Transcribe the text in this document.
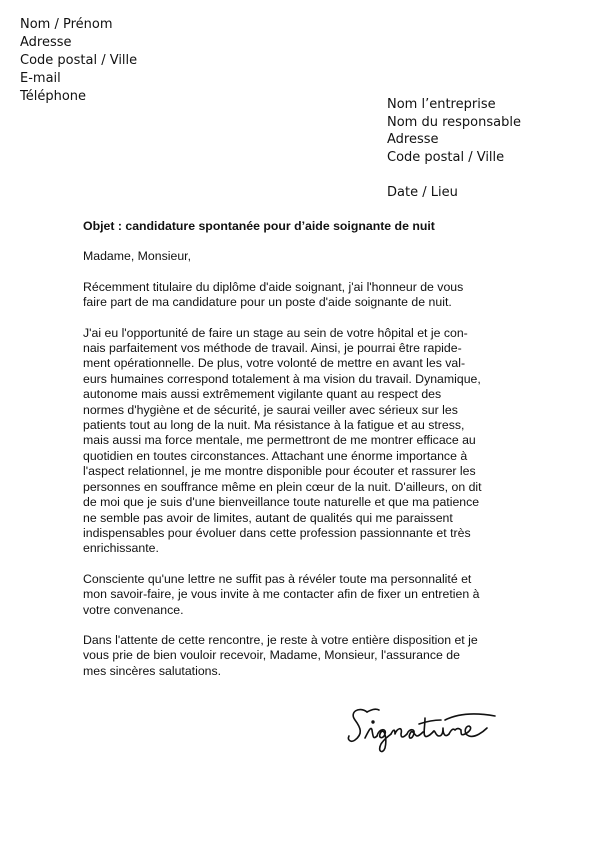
Nom / Prénom
Adresse
Code postal / Ville
E-mail
Téléphone
Nom l’entreprise
Nom du responsable
Adresse
Code postal / Ville
Date / Lieu
Objet : candidature spontanée pour d’aide soignante de nuit
Madame, Monsieur,
Récemment titulaire du diplôme d'aide soignant, j'ai l'honneur de vous
faire part de ma candidature pour un poste d'aide soignante de nuit.
J'ai eu l'opportunité de faire un stage au sein de votre hôpital et je con-
nais parfaitement vos méthode de travail. Ainsi, je pourrai être rapide-
ment opérationnelle. De plus, votre volonté de mettre en avant les val-
eurs humaines correspond totalement à ma vision du travail. Dynamique,
autonome mais aussi extrêmement vigilante quant au respect des
normes d'hygiène et de sécurité, je saurai veiller avec sérieux sur les
patients tout au long de la nuit. Ma résistance à la fatigue et au stress,
mais aussi ma force mentale, me permettront de me montrer efficace au
quotidien en toutes circonstances. Attachant une énorme importance à
l'aspect relationnel, je me montre disponible pour écouter et rassurer les
personnes en souffrance même en plein cœur de la nuit. D'ailleurs, on dit
de moi que je suis d'une bienveillance toute naturelle et que ma patience
ne semble pas avoir de limites, autant de qualités qui me paraissent
indispensables pour évoluer dans cette profession passionnante et très
enrichissante.
Consciente qu'une lettre ne suffit pas à révéler toute ma personnalité et
mon savoir-faire, je vous invite à me contacter afin de fixer un entretien à
votre convenance.
Dans l'attente de cette rencontre, je reste à votre entière disposition et je
vous prie de bien vouloir recevoir, Madame, Monsieur, l'assurance de
mes sincères salutations.
